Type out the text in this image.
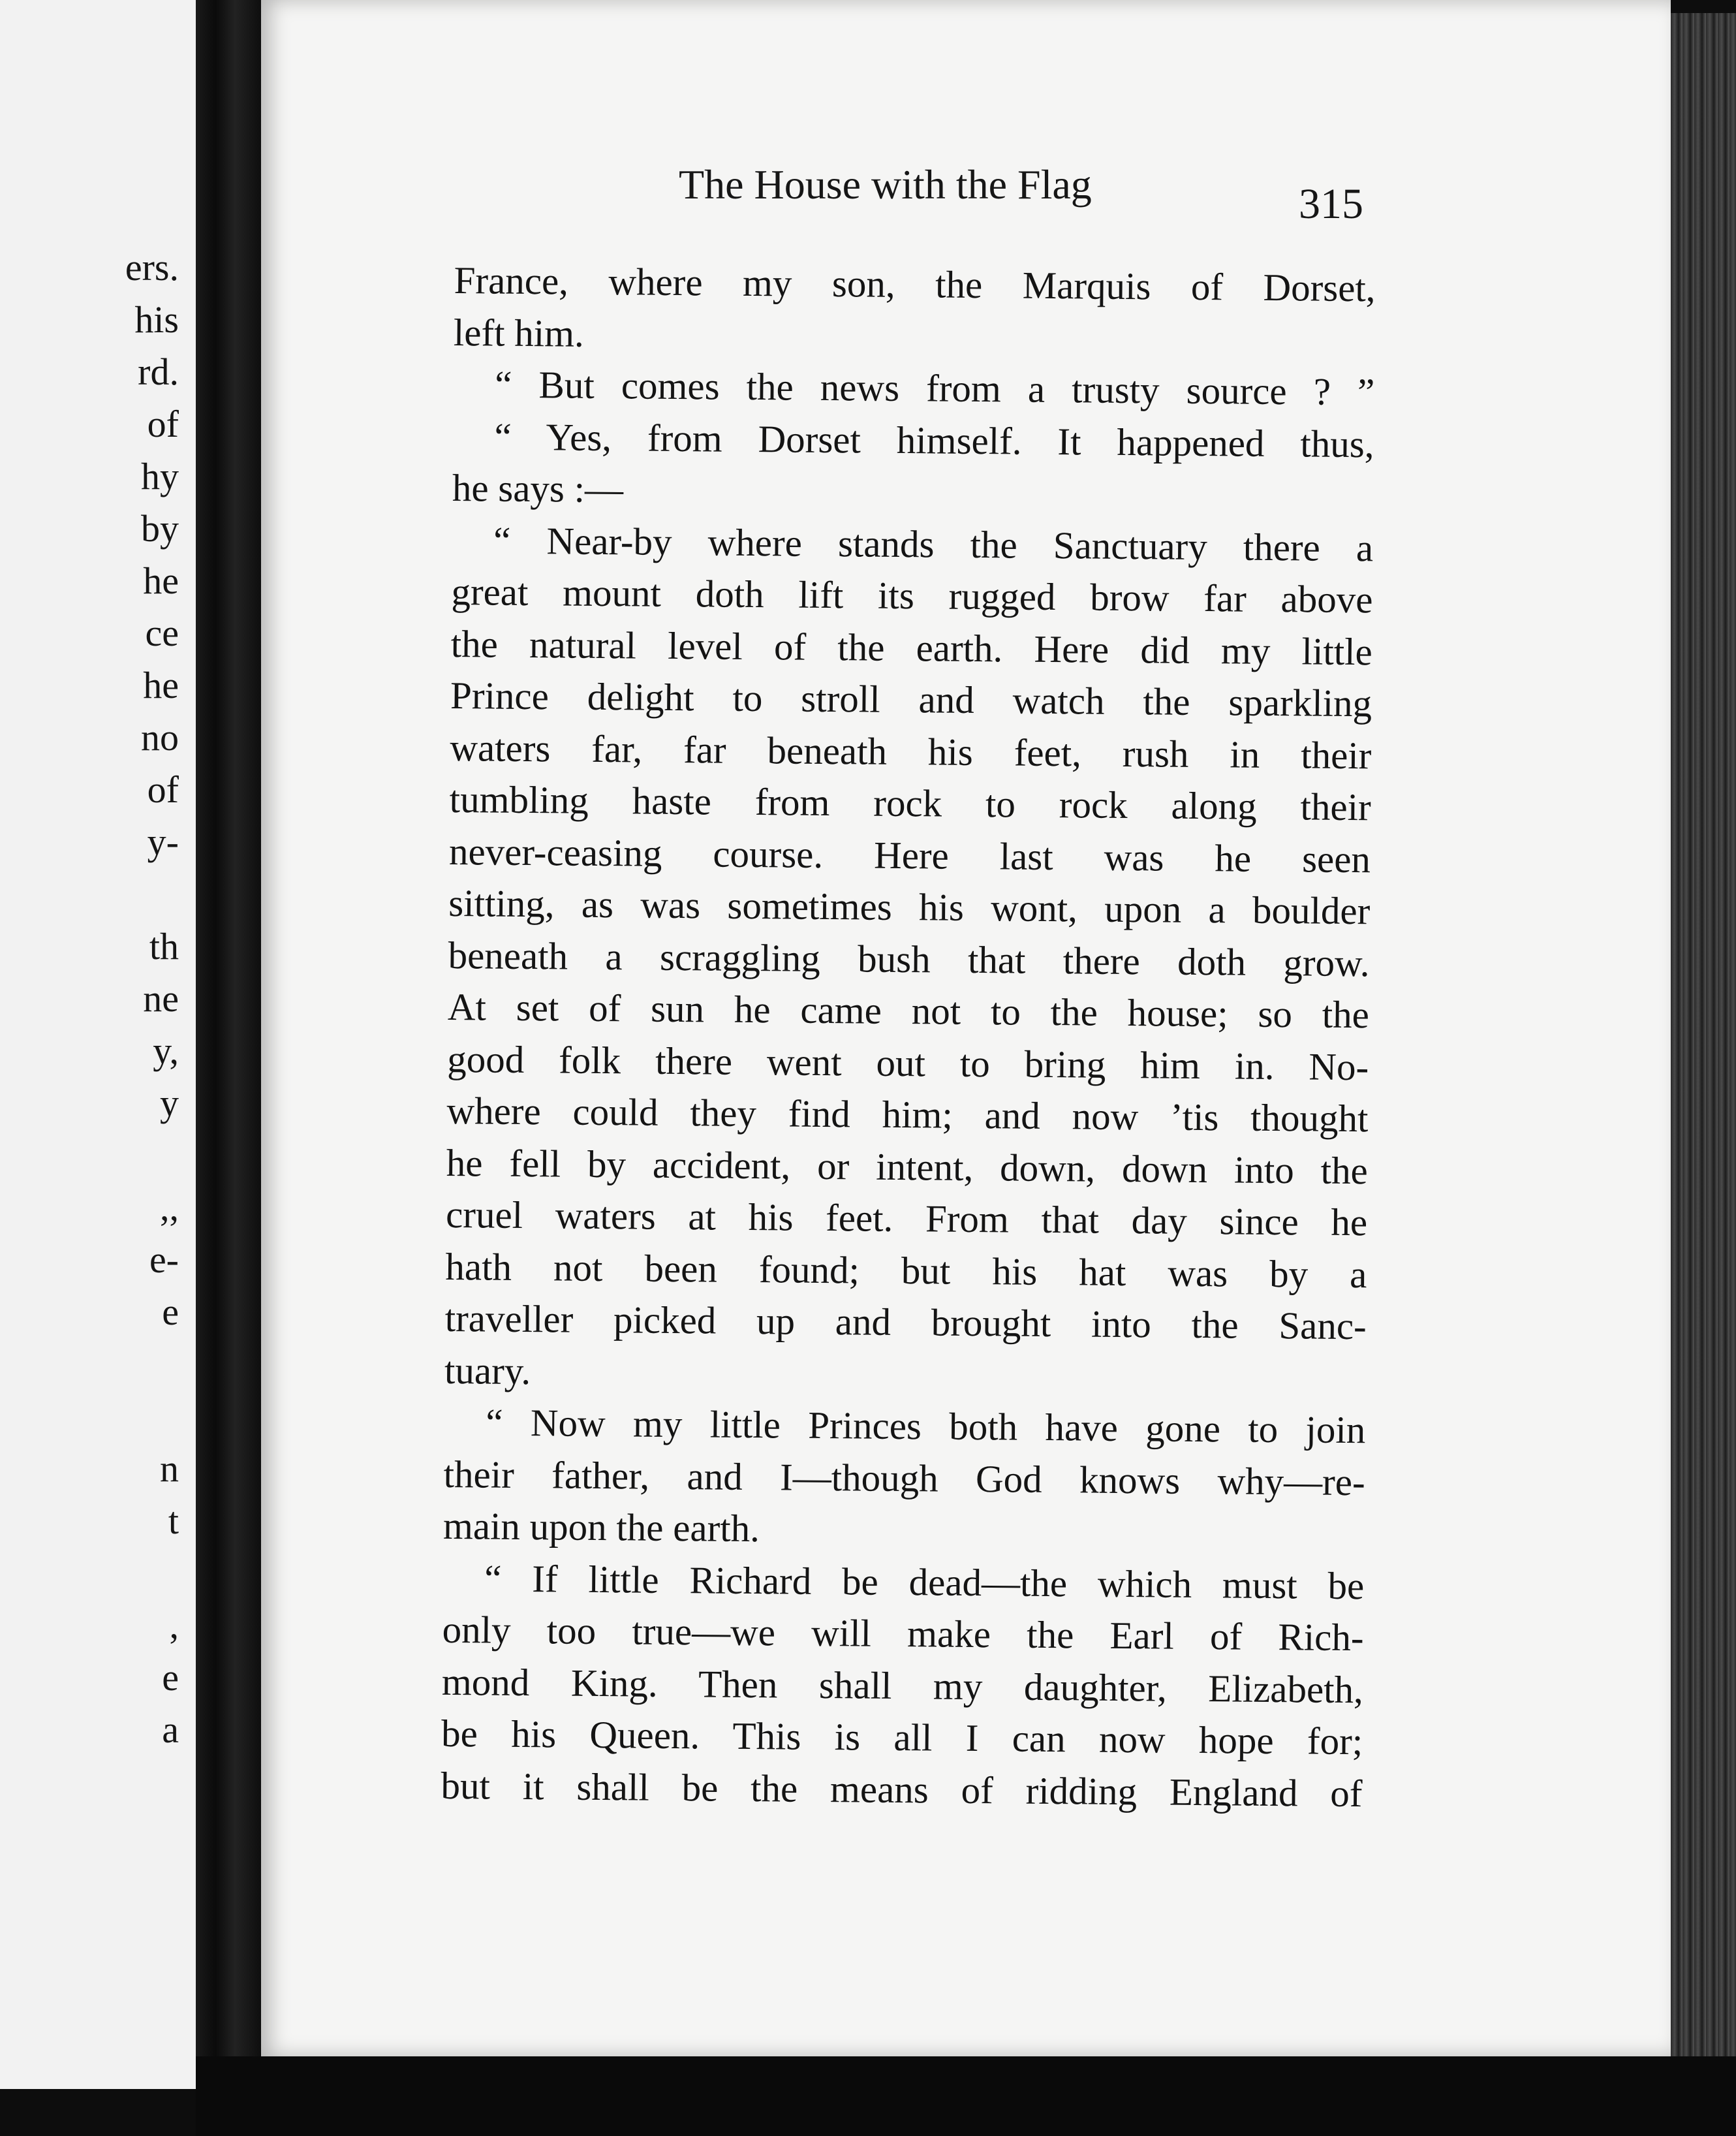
ers.
his
rd.
of
hy
by
he
ce
he
no
of
y-
th
ne
y,
y
,,
e-
e
n
t
,
e
a
The House with the Flag	315
France, where my son, the Marquis of Dorset,
left him.
“ But comes the news from a trusty source ? ”
“ Yes, from Dorset himself. It happened thus,
he says :—
“ Near-by where stands the Sanctuary there a
great mount doth lift its rugged brow far above
the natural level of the earth. Here did my little
Prince delight to stroll and watch the sparkling
waters far, far beneath his feet, rush in their
tumbling haste from rock to rock along their
never-ceasing course. Here last was he seen
sitting, as was sometimes his wont, upon a boulder
beneath a scraggling bush that there doth grow.
At set of sun he came not to the house; so the
good folk there went out to bring him in. No-
where could they find him; and now ’tis thought
he fell by accident, or intent, down, down into the
cruel waters at his feet. From that day since he
hath not been found; but his hat was by a
traveller picked up and brought into the Sanc-
tuary.
“ Now my little Princes both have gone to join
their father, and I—though God knows why—re-
main upon the earth.
“ If little Richard be dead—the which must be
only too true—we will make the Earl of Rich-
mond King. Then shall my daughter, Elizabeth,
be his Queen. This is all I can now hope for;
but it shall be the means of ridding England of
